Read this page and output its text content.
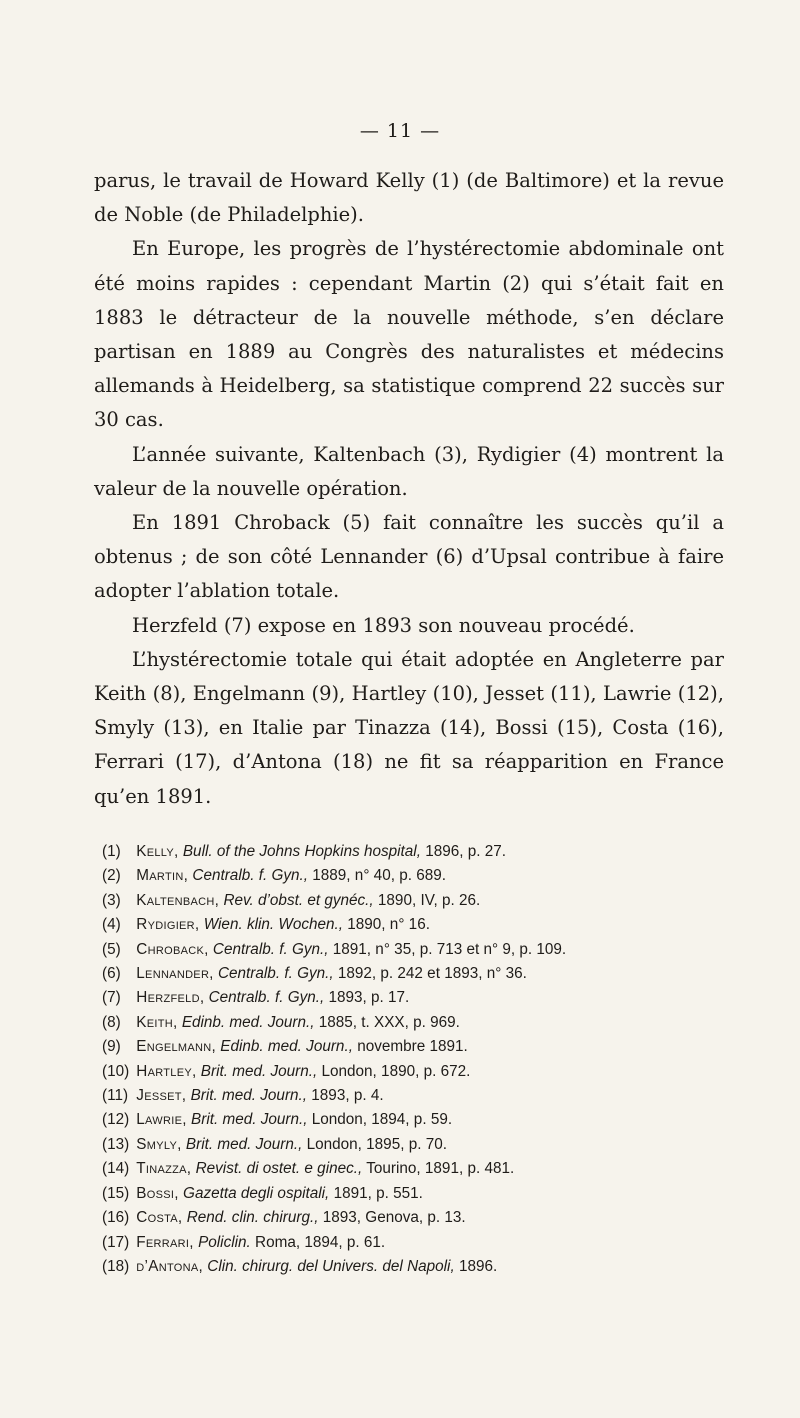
— 11 —

parus, le travail de Howard Kelly (1) (de Baltimore) et la revue de Noble (de Philadelphie).

En Europe, les progrès de l’hystérectomie abdominale ont été moins rapides : cependant Martin (2) qui s’était fait en 1883 le détracteur de la nouvelle méthode, s’en déclare partisan en 1889 au Congrès des naturalistes et médecins allemands à Heidelberg, sa statistique comprend 22 succès sur 30 cas.

L’année suivante, Kaltenbach (3), Rydigier (4) montrent la valeur de la nouvelle opération.

En 1891 Chroback (5) fait connaître les succès qu’il a obtenus ; de son côté Lennander (6) d’Upsal contribue à faire adopter l’ablation totale.

Herzfeld (7) expose en 1893 son nouveau procédé.

L’hystérectomie totale qui était adoptée en Angleterre par Keith (8), Engelmann (9), Hartley (10), Jesset (11), Lawrie (12), Smyly (13), en Italie par Tinazza (14), Bossi (15), Costa (16), Ferrari (17), d’Antona (18) ne fit sa réapparition en France qu’en 1891.

(1) Kelly, Bull. of the Johns Hopkins hospital, 1896, p. 27.
(2) Martin, Centralb. f. Gyn., 1889, n° 40, p. 689.
(3) Kaltenbach, Rev. d’obst. et gynéc., 1890, IV, p. 26.
(4) Rydigier, Wien. klin. Wochen., 1890, n° 16.
(5) Chroback, Centralb. f. Gyn., 1891, n° 35, p. 713 et n° 9, p. 109.
(6) Lennander, Centralb. f. Gyn., 1892, p. 242 et 1893, n° 36.
(7) Herzfeld, Centralb. f. Gyn., 1893, p. 17.
(8) Keith, Edinb. med. Journ., 1885, t. XXX, p. 969.
(9) Engelmann, Edinb. med. Journ., novembre 1891.
(10) Hartley, Brit. med. Journ., London, 1890, p. 672.
(11) Jesset, Brit. med. Journ., 1893, p. 4.
(12) Lawrie, Brit. med. Journ., London, 1894, p. 59.
(13) Smyly, Brit. med. Journ., London, 1895, p. 70.
(14) Tinazza, Revist. di ostet. e ginec., Tourino, 1891, p. 481.
(15) Bossi, Gazetta degli ospitali, 1891, p. 551.
(16) Costa, Rend. clin. chirurg., 1893, Genova, p. 13.
(17) Ferrari, Policlin. Roma, 1894, p. 61.
(18) d’Antona, Clin. chirurg. del Univers. del Napoli, 1896.
